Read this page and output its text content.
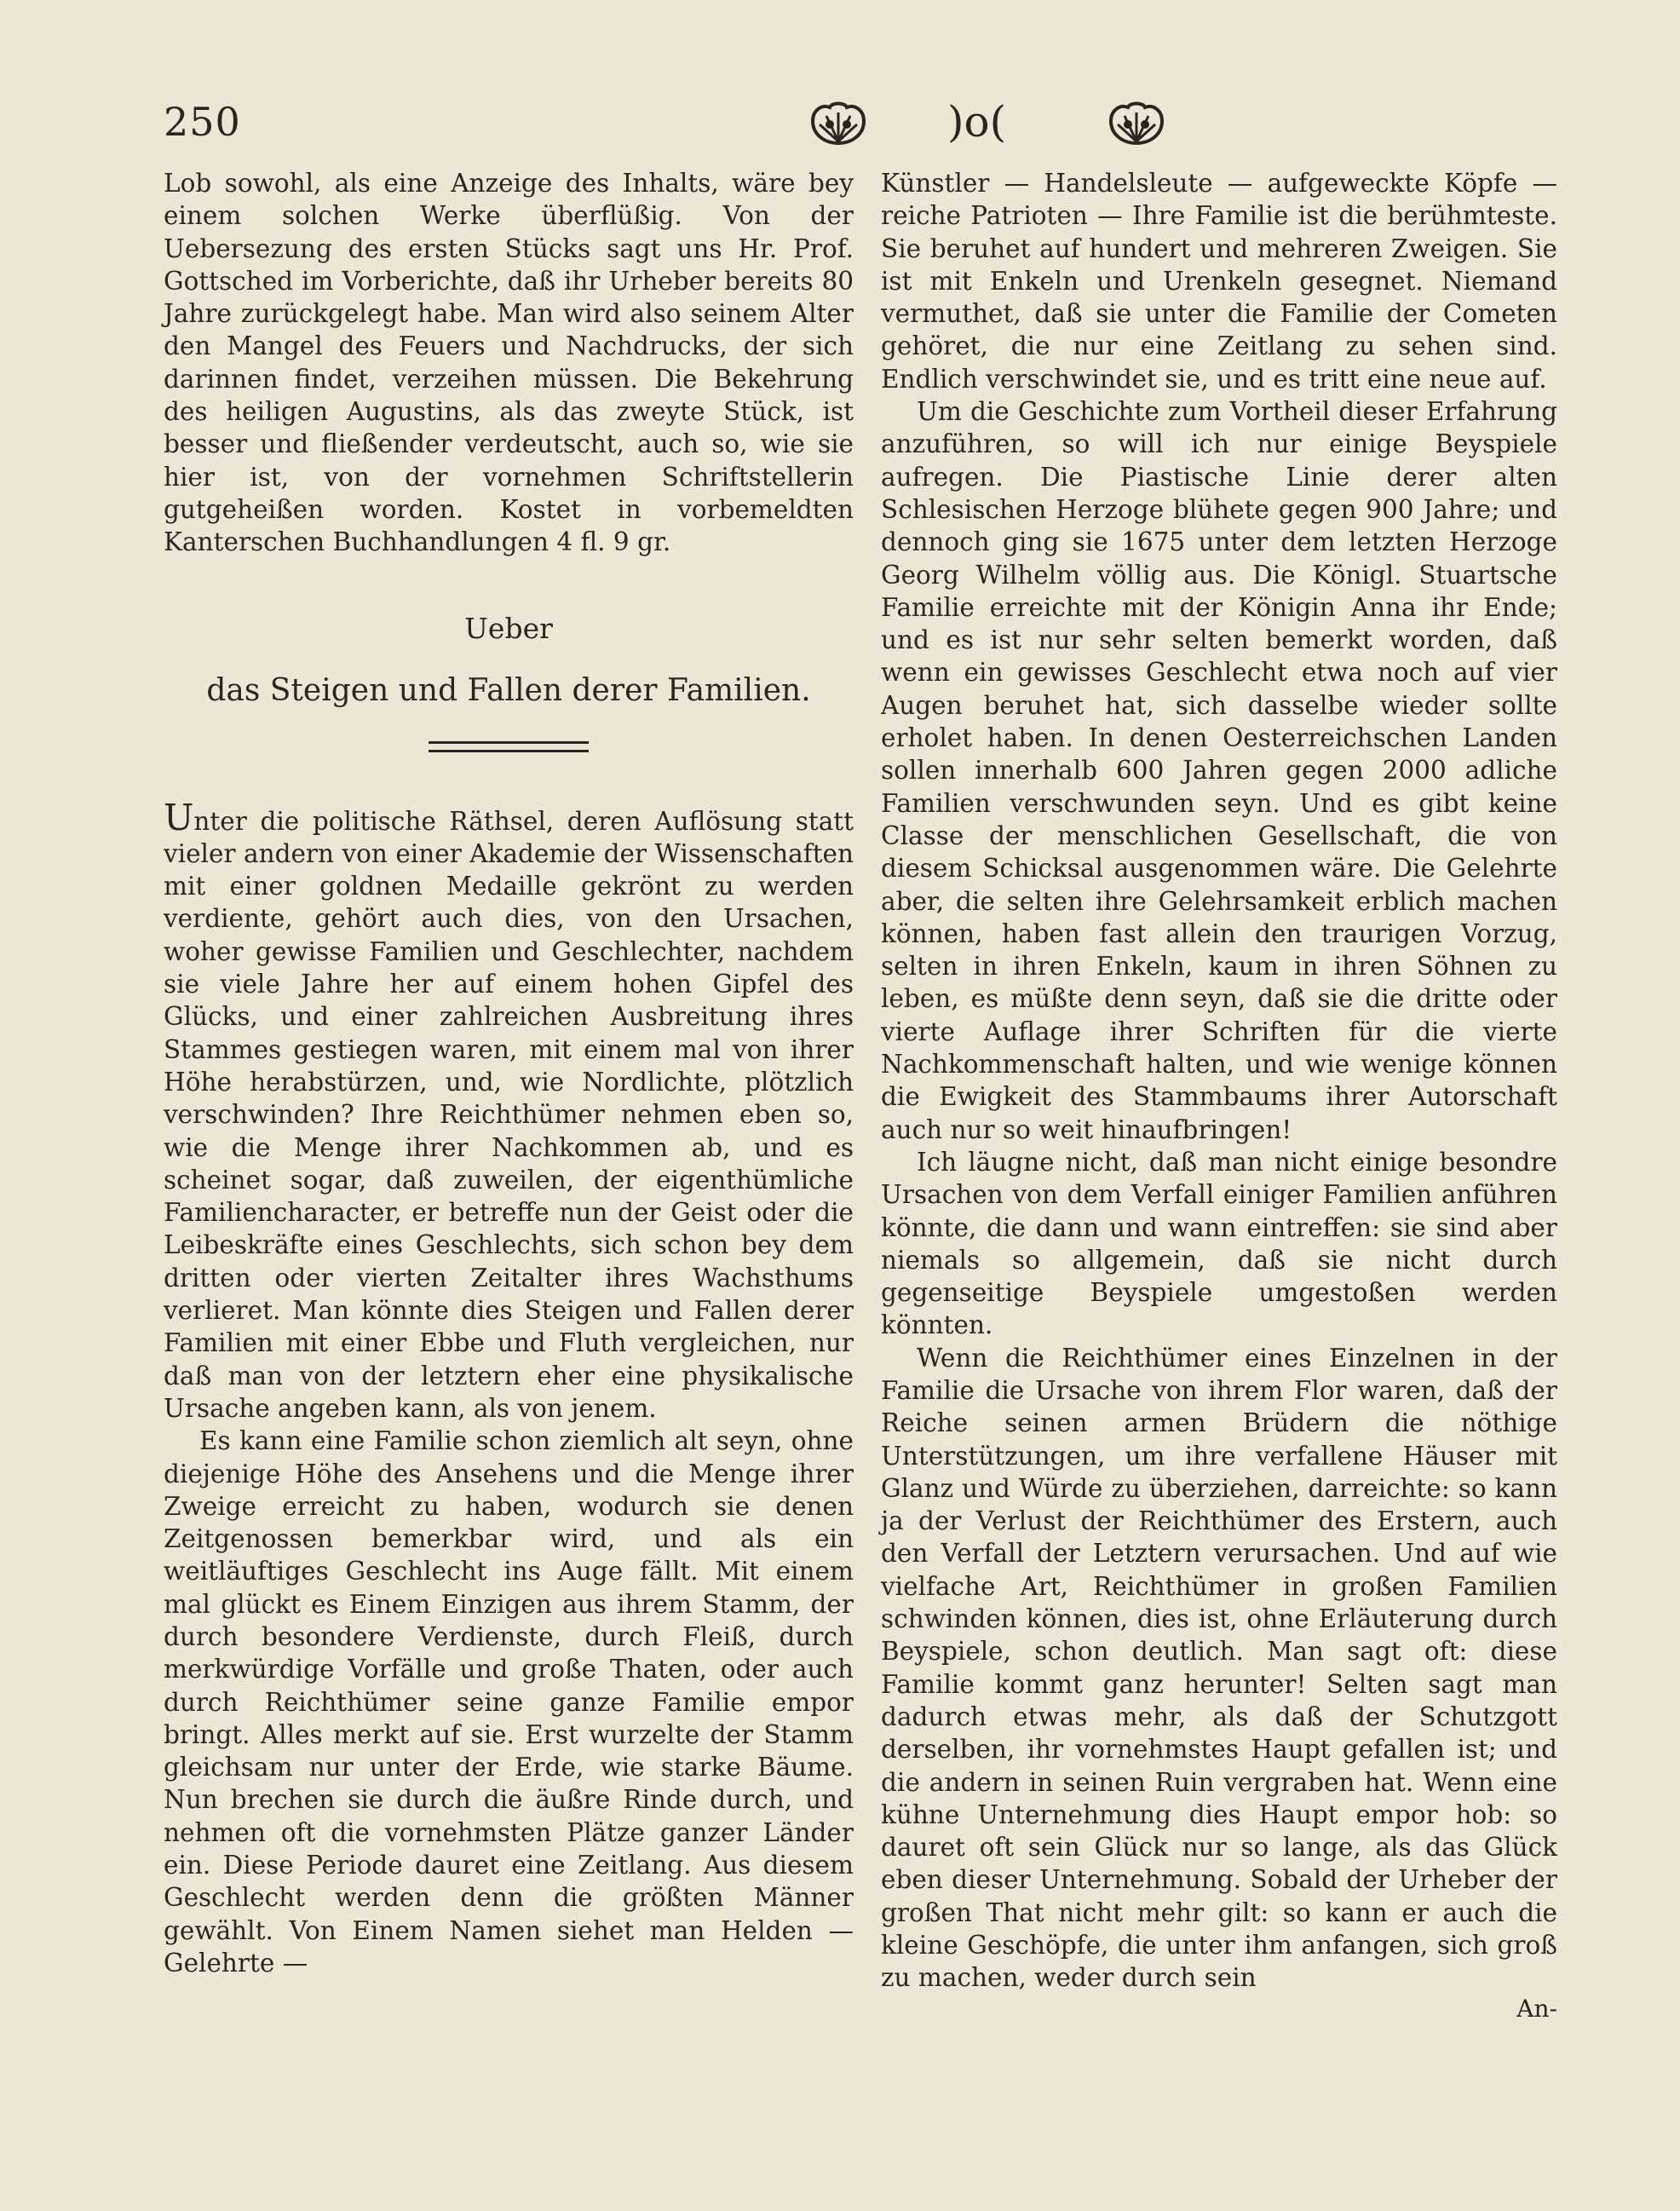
250	)o(

Lob sowohl, als eine Anzeige des Inhalts, wäre bey einem solchen Werke überflüßig. Von der Uebersezung des ersten Stücks sagt uns Hr. Prof. Gottsched im Vorberichte, daß ihr Urheber bereits 80 Jahre zurückgelegt habe. Man wird also seinem Alter den Mangel des Feuers und Nachdrucks, der sich darinnen findet, verzeihen müssen. Die Bekehrung des heiligen Augustins, als das zweyte Stück, ist besser und fließender verdeutscht, auch so, wie sie hier ist, von der vornehmen Schriftstellerin gutgeheißen worden. Kostet in vorbemeldten Kanterschen Buchhandlungen 4 fl. 9 gr.

Ueber
das Steigen und Fallen derer Familien.

Unter die politische Räthsel, deren Auflösung statt vieler andern von einer Akademie der Wissenschaften mit einer goldnen Medaille gekrönt zu werden verdiente, gehört auch dies, von den Ursachen, woher gewisse Familien und Geschlechter, nachdem sie viele Jahre her auf einem hohen Gipfel des Glücks, und einer zahlreichen Ausbreitung ihres Stammes gestiegen waren, mit einem mal von ihrer Höhe herabstürzen, und, wie Nordlichte, plötzlich verschwinden? Ihre Reichthümer nehmen eben so, wie die Menge ihrer Nachkommen ab, und es scheinet sogar, daß zuweilen, der eigenthümliche Familiencharacter, er betreffe nun der Geist oder die Leibeskräfte eines Geschlechts, sich schon bey dem dritten oder vierten Zeitalter ihres Wachsthums verlieret. Man könnte dies Steigen und Fallen derer Familien mit einer Ebbe und Fluth vergleichen, nur daß man von der letztern eher eine physikalische Ursache angeben kann, als von jenem.

Es kann eine Familie schon ziemlich alt seyn, ohne diejenige Höhe des Ansehens und die Menge ihrer Zweige erreicht zu haben, wodurch sie denen Zeitgenossen bemerkbar wird, und als ein weitläuftiges Geschlecht ins Auge fällt. Mit einem mal glückt es Einem Einzigen aus ihrem Stamm, der durch besondere Verdienste, durch Fleiß, durch merkwürdige Vorfälle und große Thaten, oder auch durch Reichthümer seine ganze Familie empor bringt. Alles merkt auf sie. Erst wurzelte der Stamm gleichsam nur unter der Erde, wie starke Bäume. Nun brechen sie durch die äußre Rinde durch, und nehmen oft die vornehmsten Plätze ganzer Länder ein. Diese Periode dauret eine Zeitlang. Aus diesem Geschlecht werden denn die größten Männer gewählt. Von Einem Namen siehet man Helden — Gelehrte —

Künstler — Handelsleute — aufgeweckte Köpfe — reiche Patrioten — Ihre Familie ist die berühmteste. Sie beruhet auf hundert und mehreren Zweigen. Sie ist mit Enkeln und Urenkeln gesegnet. Niemand vermuthet, daß sie unter die Familie der Cometen gehöret, die nur eine Zeitlang zu sehen sind. Endlich verschwindet sie, und es tritt eine neue auf.

Um die Geschichte zum Vortheil dieser Erfahrung anzuführen, so will ich nur einige Beyspiele aufregen. Die Piastische Linie derer alten Schlesischen Herzoge blühete gegen 900 Jahre; und dennoch ging sie 1675 unter dem letzten Herzoge Georg Wilhelm völlig aus. Die Königl. Stuartsche Familie erreichte mit der Königin Anna ihr Ende; und es ist nur sehr selten bemerkt worden, daß wenn ein gewisses Geschlecht etwa noch auf vier Augen beruhet hat, sich dasselbe wieder sollte erholet haben. In denen Oesterreichschen Landen sollen innerhalb 600 Jahren gegen 2000 adliche Familien verschwunden seyn. Und es gibt keine Classe der menschlichen Gesellschaft, die von diesem Schicksal ausgenommen wäre. Die Gelehrte aber, die selten ihre Gelehrsamkeit erblich machen können, haben fast allein den traurigen Vorzug, selten in ihren Enkeln, kaum in ihren Söhnen zu leben, es müßte denn seyn, daß sie die dritte oder vierte Auflage ihrer Schriften für die vierte Nachkommenschaft halten, und wie wenige können die Ewigkeit des Stammbaums ihrer Autorschaft auch nur so weit hinaufbringen!

Ich läugne nicht, daß man nicht einige besondre Ursachen von dem Verfall einiger Familien anführen könnte, die dann und wann eintreffen: sie sind aber niemals so allgemein, daß sie nicht durch gegenseitige Beyspiele umgestoßen werden könnten.

Wenn die Reichthümer eines Einzelnen in der Familie die Ursache von ihrem Flor waren, daß der Reiche seinen armen Brüdern die nöthige Unterstützungen, um ihre verfallene Häuser mit Glanz und Würde zu überziehen, darreichte: so kann ja der Verlust der Reichthümer des Erstern, auch den Verfall der Letztern verursachen. Und auf wie vielfache Art, Reichthümer in großen Familien schwinden können, dies ist, ohne Erläuterung durch Beyspiele, schon deutlich. Man sagt oft: diese Familie kommt ganz herunter! Selten sagt man dadurch etwas mehr, als daß der Schutzgott derselben, ihr vornehmstes Haupt gefallen ist; und die andern in seinen Ruin vergraben hat. Wenn eine kühne Unternehmung dies Haupt empor hob: so dauret oft sein Glück nur so lange, als das Glück eben dieser Unternehmung. Sobald der Urheber der großen That nicht mehr gilt: so kann er auch die kleine Geschöpfe, die unter ihm anfangen, sich groß zu machen, weder durch sein

An-
